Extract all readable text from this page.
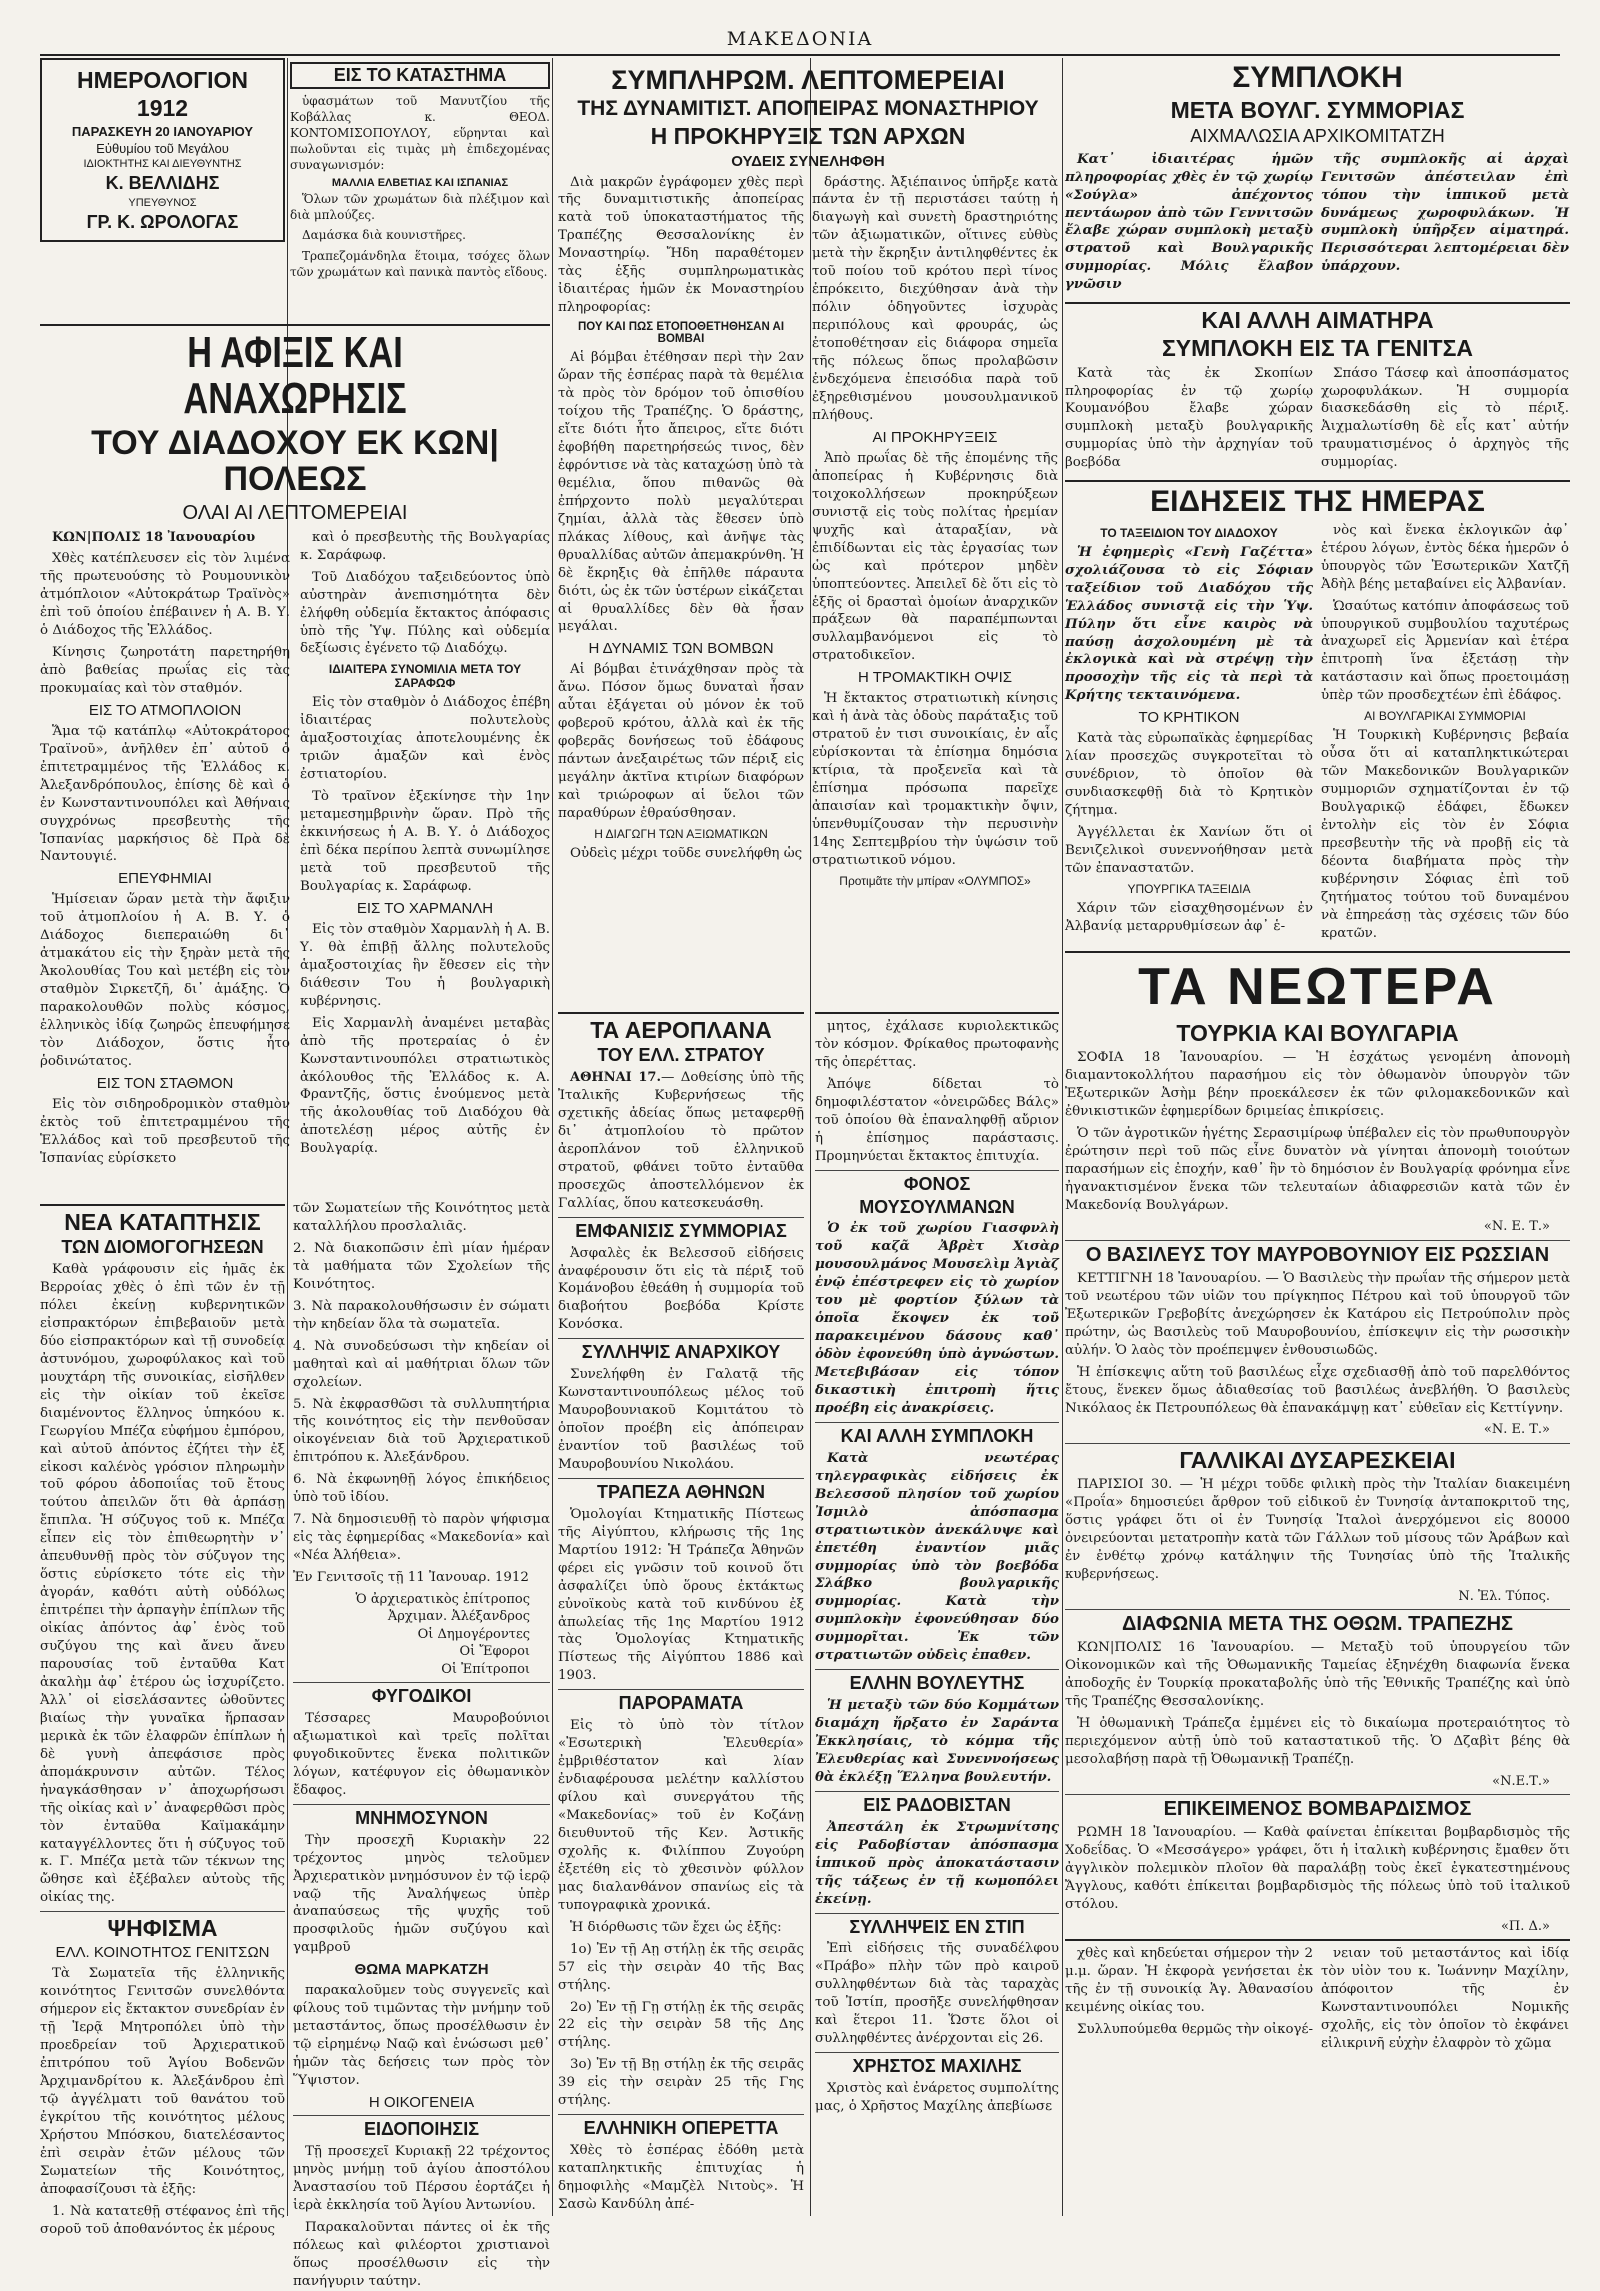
ΜΑΚΕΔΟΝΙΑ
ΗΜΕΡΟΛΟΓΙΟΝ
1912
ΠΑΡΑΣΚΕΥΗ 20 ΙΑΝΟΥΑΡΙΟΥ
Εὐθυμίου τοῦ Μεγάλου
ΙΔΙΟΚΤΗΤΗΣ ΚΑΙ ΔΙΕΥΘΥΝΤΗΣ
Κ. ΒΕΛΛΙΔΗΣ
ΥΠΕΥΘΥΝΟΣ
ΓΡ. Κ. ΩΡΟΛΟΓΑΣ
ΕΙΣ ΤΟ ΚΑΤΑΣΤΗΜΑ

ὑφασμάτων τοῦ Μανυτζίου τῆς Κοβάλλας κ. ΘΕΟΔ. ΚΟΝΤΟΜΙΣΟΠΟΥΛΟΥ, εὕρηνται καὶ πωλοῦνται εἰς τιμὰς μὴ ἐπιδεχομένας συναγωνισμόν:

ΜΑΛΛΙΑ ΕΛΒΕΤΙΑΣ ΚΑΙ ΙΣΠΑΝΙΑΣ

Ὅλων τῶν χρωμάτων διὰ πλέξιμον καὶ διὰ μπλούζες.

Δαμάσκα διὰ κουνιστῆρες.

Τραπεζομάνδηλα ἕτοιμα, τσόχες ὅλων τῶν χρωμάτων καὶ πανικὰ παντὸς εἴδους.

Η ΑΦΙΞΙΣ ΚΑΙ ΑΝΑΧΩΡΗΣΙΣ
ΤΟΥ ΔΙΑΔΟΧΟΥ ΕΚ ΚΩΝ|ΠΟΛΕΩΣ
ΟΛΑΙ ΑΙ ΛΕΠΤΟΜΕΡΕΙΑΙ

ΚΩΝ|ΠΟΛΙΣ 18 Ἰανουαρίου

Χθὲς κατέπλευσεν εἰς τὸν λιμένα τῆς πρωτευούσης τὸ Ρουμουνικὸν ἀτμόπλοιον «Αὐτοκράτωρ Τραϊνὸς» ἐπὶ τοῦ ὁποίου ἐπέβαινεν ἡ Α. Β. Υ. ὁ Διάδοχος τῆς Ἑλλάδος.

Κίνησις ζωηροτάτη παρετηρήθη ἀπὸ βαθείας πρωΐας εἰς τὰς προκυμαίας καὶ τὸν σταθμόν.

ΕΙΣ ΤΟ ΑΤΜΟΠΛΟΙΟΝ

Ἅμα τῷ κατάπλῳ «Αὐτοκράτορος Τραϊνοῦ», ἀνῆλθεν ἐπ᾽ αὐτοῦ ὁ ἐπιτετραμμένος τῆς Ἑλλάδος κ. Ἀλεξανδρόπουλος, ἐπίσης δὲ καὶ ὁ ἐν Κωνσταντινουπόλει καὶ Ἀθήναις συγχρόνως πρεσβευτὴς τῆς Ἱσπανίας μαρκήσιος δὲ Πρὰ δὲ Ναντουγιέ.

ΕΠΕΥΦΗΜΙΑΙ

Ἡμίσειαν ὥραν μετὰ τὴν ἄφιξιν τοῦ ἀτμοπλοίου ἡ Α. Β. Υ. ὁ Διάδοχος διεπεραιώθη δι᾽ ἀτμακάτου εἰς τὴν ξηρὰν μετὰ τῆς Ἀκολουθίας Του καὶ μετέβη εἰς τὸν σταθμὸν Σιρκετζῆ, δι᾽ ἁμάξης. Ὁ παρακολουθῶν πολὺς κόσμος, ἑλληνικὸς ἰδίᾳ ζωηρῶς ἐπευφήμησε τὸν Διάδοχον, ὅστις ἦτο ῥοδινώτατος.

ΕΙΣ ΤΟΝ ΣΤΑΘΜΟΝ

Εἰς τὸν σιδηροδρομικὸν σταθμὸν ἐκτὸς τοῦ ἐπιτετραμμένου τῆς Ἑλλάδος καὶ τοῦ πρεσβευτοῦ τῆς Ἱσπανίας εὑρίσκετο

καὶ ὁ πρεσβευτὴς τῆς Βουλγαρίας κ. Σαράφωφ.

Τοῦ Διαδόχου ταξειδεύοντος ὑπὸ αὐστηρὰν ἀνεπισημότητα δὲν ἐλήφθη οὐδεμία ἔκτακτος ἀπόφασις ὑπὸ τῆς Ὑψ. Πύλης καὶ οὐδεμία δεξίωσις ἐγένετο τῷ Διαδόχῳ.

ΙΔΙΑΙΤΕΡΑ ΣΥΝΟΜΙΛΙΑ ΜΕΤΑ ΤΟΥ ΣΑΡΑΦΩΦ

Εἰς τὸν σταθμὸν ὁ Διάδοχος ἐπέβη ἰδιαιτέρας πολυτελοὺς ἁμαξοστοιχίας ἀποτελουμένης ἐκ τριῶν ἁμαξῶν καὶ ἑνὸς ἐστιατορίου.

Τὸ τραῖνον ἐξεκίνησε τὴν 1ην μεταμεσημβρινὴν ὥραν. Πρὸ τῆς ἐκκινήσεως ἡ Α. Β. Υ. ὁ Διάδοχος ἐπὶ δέκα περίπου λεπτὰ συνωμίλησε μετὰ τοῦ πρεσβευτοῦ τῆς Βουλγαρίας κ. Σαράφωφ.

ΕΙΣ ΤΟ ΧΑΡΜΑΝΛΗ

Εἰς τὸν σταθμὸν Χαρμανλὴ ἡ Α. Β. Υ. θὰ ἐπιβῇ ἄλλης πολυτελοῦς ἁμαξοστοιχίας ἣν ἔθεσεν εἰς τὴν διάθεσιν Του ἡ βουλγαρικὴ κυβέρνησις.

Εἰς Χαρμανλὴ ἀναμένει μεταβὰς ἀπὸ τῆς προτεραίας ὁ ἐν Κωνσταντινουπόλει στρατιωτικὸς ἀκόλουθος τῆς Ἑλλάδος κ. Α. Φραντζῆς, ὅστις ἑνούμενος μετὰ τῆς ἀκολουθίας τοῦ Διαδόχου θὰ ἀποτελέσῃ μέρος αὐτῆς ἐν Βουλγαρίᾳ.

ΝΕΑ ΚΑΤΑΠΤΗΣΙΣ
ΤΩΝ ΔΙΟΜΟΓΟΓΗΣΕΩΝ

Καθὰ γράφουσιν εἰς ἡμᾶς ἐκ Βερροίας χθὲς ὁ ἐπὶ τῶν ἐν τῇ πόλει ἐκείνῃ κυβερνητικῶν εἰσπρακτόρων ἐπιβεβαιοῦν μετὰ δύο εἰσπρακτόρων καὶ τῇ συνοδείᾳ ἀστυνόμου, χωροφύλακος καὶ τοῦ μουχτάρη τῆς συνοικίας, εἰσῆλθεν εἰς τὴν οἰκίαν τοῦ ἐκεῖσε διαμένοντος ἕλληνος ὑπηκόου κ. Γεωργίου Μπέζα εὐφήμου ἐμπόρου, καὶ αὐτοῦ ἀπόντος ἐζήτει τὴν ἐξ εἰκοσι καλένὸς γρόσιον πληρωμὴν τοῦ φόρου ἀδοποιΐας τοῦ ἔτους τούτου ἀπειλῶν ὅτι θὰ ἁρπάσῃ ἔπιπλα. Ἡ σύζυγος τοῦ κ. Μπέζα εἶπεν εἰς τὸν ἐπιθεωρητὴν ν᾽ ἀπευθυνθῇ πρὸς τὸν σύζυγον της ὅστις εὑρίσκετο τότε εἰς τὴν ἀγοράν, καθότι αὐτὴ οὐδόλως ἐπιτρέπει τὴν ἁρπαγὴν ἐπίπλων τῆς οἰκίας ἀπόντος ἀφ᾽ ἑνὸς τοῦ συζύγου της καὶ ἄνευ ἄνευ παρουσίας τοῦ ἐνταῦθα Κατ ἀκαλὴμ ἀφ᾽ ἑτέρου ὡς ἰσχυρίζετο. Ἀλλ᾽ οἱ εἰσελάσαντες ὠθοῦντες βιαίως τὴν γυναῖκα ἥρπασαν μερικὰ ἐκ τῶν ἐλαφρῶν ἐπίπλων ἡ δὲ γυνὴ ἀπεφάσισε πρὸς ἀπομάκρυνσιν αὐτῶν. Τέλος ἠναγκάσθησαν ν᾽ ἀποχωρήσωσι τῆς οἰκίας καὶ ν᾽ ἀναφερθῶσι πρὸς τὸν ἐνταῦθα Καϊμακάμην καταγγέλλοντες ὅτι ἡ σύζυγος τοῦ κ. Γ. Μπέζα μετὰ τῶν τέκνων της ὤθησε καὶ ἐξέβαλεν αὐτοὺς τῆς οἰκίας της.

ΨΗΦΙΣΜΑ
ΕΛΛ. ΚΟΙΝΟΤΗΤΟΣ ΓΕΝΙΤΣΩΝ

Τὰ Σωματεῖα τῆς ἑλληνικῆς κοινότητος Γενιτσῶν συνελθόντα σήμερον εἰς ἔκτακτον συνεδρίαν ἐν τῇ Ἱερᾷ Μητροπόλει ὑπὸ τὴν προεδρείαν τοῦ Ἀρχιερατικοῦ ἐπιτρόπου τοῦ Ἁγίου Βοδενῶν Ἀρχιμανδρίτου κ. Ἀλεξάνδρου ἐπὶ τῷ ἀγγέλματι τοῦ θανάτου τοῦ ἐγκρίτου τῆς κοινότητος μέλους Χρήστου Μπόσκου, διατελέσαντος ἐπὶ σειρὰν ἐτῶν μέλους τῶν Σωματείων τῆς Κοινότητος, ἀποφασίζουσι τὰ ἑξῆς:

1. Νὰ κατατεθῇ στέφανος ἐπὶ τῆς σοροῦ τοῦ ἀποθανόντος ἐκ μέρους

τῶν Σωματείων τῆς Κοινότητος μετὰ καταλλήλου προσλαλιᾶς.

2. Νὰ διακοπῶσιν ἐπὶ μίαν ἡμέραν τὰ μαθήματα τῶν Σχολείων τῆς Κοινότητος.

3. Νὰ παρακολουθήσωσιν ἐν σώματι τὴν κηδείαν ὅλα τὰ σωματεῖα.

4. Νὰ συνοδεύσωσι τὴν κηδείαν οἱ μαθηταὶ καὶ αἱ μαθήτριαι ὅλων τῶν σχολείων.

5. Νὰ ἐκφρασθῶσι τὰ συλλυπητήρια τῆς κοινότητος εἰς τὴν πενθοῦσαν οἰκογένειαν διὰ τοῦ Ἀρχιερατικοῦ ἐπιτρόπου κ. Ἀλεξάνδρου.

6. Νὰ ἐκφωνηθῇ λόγος ἐπικήδειος ὑπὸ τοῦ ἰδίου.

7. Νὰ δημοσιευθῇ τὸ παρὸν ψήφισμα εἰς τὰς ἐφημερίδας «Μακεδονία» καὶ «Νέα Ἀλήθεια».

Ἐν Γενιτσοῖς τῇ 11 Ἰανουαρ. 1912

Ὁ ἀρχιερατικὸς ἐπίτροπος

Ἀρχιμαν. Ἀλέξανδρος

Οἱ Δημογέροντες

Οἱ Ἔφοροι

Οἱ Ἐπίτροποι

ΦΥΓΟΔΙΚΟΙ

Τέσσαρες Μαυροβούνιοι αξιωματικοὶ καὶ τρεῖς πολῖται φυγοδικοῦντες ἕνεκα πολιτικῶν λόγων, κατέφυγον εἰς ὀθωμανικὸν ἔδαφος.

ΜΝΗΜΟΣΥΝΟΝ

Τὴν προσεχῆ Κυριακὴν 22 τρέχοντος μηνὸς τελοῦμεν Ἀρχιερατικὸν μνημόσυνον ἐν τῷ ἱερῷ ναῷ τῆς Ἀναλήψεως ὑπὲρ ἀναπαύσεως τῆς ψυχῆς τοῦ προσφιλοῦς ἡμῶν συζύγου καὶ γαμβροῦ

ΘΩΜΑ ΜΑΡΚΑΤΖΗ

παρακαλοῦμεν τοὺς συγγενεῖς καὶ φίλους τοῦ τιμῶντας τὴν μνήμην τοῦ μεταστάντος, ὅπως προσέλθωσιν ἐν τῷ εἰρημένῳ Ναῷ καὶ ἑνώσωσι μεθ᾽ ἡμῶν τὰς δεήσεις των πρὸς τὸν Ὕψιστον.

Η ΟΙΚΟΓΕΝΕΙΑ
ΕΙΔΟΠΟΙΗΣΙΣ

Τῇ προσεχεῖ Κυριακῇ 22 τρέχοντος μηνὸς μνήμῃ τοῦ ἁγίου ἀποστόλου Ἀναστασίου τοῦ Πέρσου ἑορτάζει ἡ ἱερὰ ἐκκλησία τοῦ Ἁγίου Ἀντωνίου.

Παρακαλοῦνται πάντες οἱ ἐκ τῆς πόλεως καὶ φιλέορτοι χριστιανοὶ ὅπως προσέλθωσιν εἰς τὴν πανήγυριν ταύτην.

ΣΥΜΠΛΗΡΩΜ. ΛΕΠΤΟΜΕΡΕΙΑΙ
ΤΗΣ ΔΥΝΑΜΙΤΙΣΤ. ΑΠΟΠΕΙΡΑΣ ΜΟΝΑΣΤΗΡΙΟΥ
Η ΠΡΟΚΗΡΥΞΙΣ ΤΩΝ ΑΡΧΩΝ
ΟΥΔΕΙΣ ΣΥΝΕΛΗΦΘΗ

Διὰ μακρῶν ἐγράφομεν χθὲς περὶ τῆς δυναμιτιστικῆς ἀποπείρας κατὰ τοῦ ὑποκαταστήματος τῆς Τραπέζης Θεσσαλονίκης ἐν Μοναστηρίῳ. Ἤδη παραθέτομεν τὰς ἑξῆς συμπληρωματικὰς ἰδιαιτέρας ἡμῶν ἐκ Μοναστηρίου πληροφορίας:

ΠΟΥ ΚΑΙ ΠΩΣ ΕΤΟΠΟΘΕΤΗΘΗΣΑΝ ΑΙ ΒΟΜΒΑΙ

Αἱ βόμβαι ἐτέθησαν περὶ τὴν 2αν ὥραν τῆς ἑσπέρας παρὰ τὰ θεμέλια τὰ πρὸς τὸν δρόμον τοῦ ὀπισθίου τοίχου τῆς Τραπέζης. Ὁ δράστης, εἴτε διότι ἦτο ἄπειρος, εἴτε διότι ἐφοβήθη παρετηρήσεώς τινος, δὲν ἐφρόντισε νὰ τὰς καταχώσῃ ὑπὸ τὰ θεμέλια, ὅπου πιθανῶς θὰ ἐπήρχοντο πολὺ μεγαλύτεραι ζημίαι, ἀλλὰ τὰς ἔθεσεν ὑπὸ πλάκας λίθους, καὶ ἀνῆψε τὰς θρυαλλίδας αὐτῶν ἀπεμακρύνθη. Ἡ δὲ ἔκρηξις θὰ ἐπῆλθε πάραυτα διότι, ὡς ἐκ τῶν ὑστέρων εἰκάζεται αἱ θρυαλλίδες δὲν θὰ ἦσαν μεγάλαι.

Η ΔΥΝΑΜΙΣ ΤΩΝ ΒΟΜΒΩΝ

Αἱ βόμβαι ἐτινάχθησαν πρὸς τὰ ἄνω. Πόσον ὅμως δυναταὶ ἦσαν αὗται ἐξάγεται οὐ μόνον ἐκ τοῦ φοβεροῦ κρότου, ἀλλὰ καὶ ἐκ τῆς φοβερᾶς δονήσεως τοῦ ἐδάφους πάντων ἀνεξαιρέτως τῶν πέριξ εἰς μεγάλην ἀκτῖνα κτιρίων διαφόρων καὶ τριώροφων αἱ ὕελοι τῶν παραθύρων ἐθραύσθησαν.

Η ΔΙΑΓΩΓΗ ΤΩΝ ΑΞΙΩΜΑΤΙΚΩΝ

Οὐδεὶς μέχρι τοῦδε συνελήφθη ὡς

δράστης. Ἀξιέπαινος ὑπῆρξε κατὰ πάντα ἐν τῇ περιστάσει ταύτῃ ἡ διαγωγὴ καὶ συνετὴ δραστηριότης τῶν ἀξιωματικῶν, οἵτινες εὐθὺς μετὰ τὴν ἔκρηξιν ἀντιληφθέντες ἐκ τοῦ ποίου τοῦ κρότου περὶ τίνος ἐπρόκειτο, διεχύθησαν ἀνὰ τὴν πόλιν ὁδηγοῦντες ἰσχυρὰς περιπόλους καὶ φρουράς, ὡς ἐτοποθέτησαν εἰς διάφορα σημεῖα τῆς πόλεως ὅπως προλαβῶσιν ἐνδεχόμενα ἐπεισόδια παρὰ τοῦ ἐξηρεθισμένου μουσουλμανικοῦ πλήθους.

ΑΙ ΠΡΟΚΗΡΥΞΕΙΣ

Ἀπὸ πρωΐας δὲ τῆς ἐπομένης τῆς ἀποπείρας ἡ Κυβέρνησις διὰ τοιχοκολλήσεων προκηρύξεων συνιστᾷ εἰς τοὺς πολίτας ἠρεμίαν ψυχῆς καὶ ἀταραξίαν, νὰ ἐπιδίδωνται εἰς τὰς ἐργασίας των ὡς καὶ πρότερον μηδὲν ὑποπτεύοντες. Ἀπειλεῖ δὲ ὅτι εἰς τὸ ἑξῆς οἱ δρασταὶ ὁμοίων ἀναρχικῶν πράξεων θὰ παραπέμπωνται συλλαμβανόμενοι εἰς τὸ στρατοδικεῖον.

Η ΤΡΟΜΑΚΤΙΚΗ ΟΨΙΣ

Ἡ ἔκτακτος στρατιωτικὴ κίνησις καὶ ἡ ἀνὰ τὰς ὁδοὺς παράταξις τοῦ στρατοῦ ἐν τισι συνοικίαις, ἐν αἷς εὑρίσκονται τὰ ἐπίσημα δημόσια κτίρια, τὰ προξενεῖα καὶ τὰ ἐπίσημα πρόσωπα παρεῖχε ἀπαισίαν καὶ τρομακτικὴν ὄψιν, ὑπενθυμίζουσαν τὴν περυσινὴν 14ης Σεπτεμβρίου τὴν ὑψώσιν τοῦ στρατιωτικοῦ νόμου.

Προτιμᾶτε τὴν μπίραν «ΟΛΥΜΠΟΣ»
ΤΑ ΑΕΡΟΠΛΑΝΑ
ΤΟΥ ΕΛΛ. ΣΤΡΑΤΟΥ

ΑΘΗΝΑΙ 17.— Δοθείσης ὑπὸ τῆς Ἰταλικῆς Κυβερνήσεως τῆς σχετικῆς ἀδείας ὅπως μεταφερθῇ δι᾽ ἀτμοπλοίου τὸ πρῶτον ἀεροπλάνον τοῦ ἑλληνικοῦ στρατοῦ, φθάνει τοῦτο ἐνταῦθα προσεχῶς ἀποστελλόμενον ἐκ Γαλλίας, ὅπου κατεσκευάσθη.

ΕΜΦΑΝΙΣΙΣ ΣΥΜΜΟΡΙΑΣ

Ἀσφαλὲς ἐκ Βελεσσοῦ εἰδήσεις ἀναφέρουσιν ὅτι εἰς τὰ πέριξ τοῦ Κομάνοβου ἐθεάθη ἡ συμμορία τοῦ διαβοήτου βοεβόδα Κρίστε Κονόσκα.

ΣΥΛΛΗΨΙΣ ΑΝΑΡΧΙΚΟΥ

Συνελήφθη ἐν Γαλατᾷ τῆς Κωνσταντινουπόλεως μέλος τοῦ Μαυροβουνιακοῦ Κομιτάτου τὸ ὁποῖον προέβη εἰς ἀπόπειραν ἐναντίον τοῦ βασιλέως τοῦ Μαυροβουνίου Νικολάου.

ΤΡΑΠΕΖΑ ΑΘΗΝΩΝ

Ὁμολογίαι Κτηματικῆς Πίστεως τῆς Αἰγύπτου, κλήρωσις τῆς 1ης Μαρτίου 1912: Ἡ Τράπεζα Ἀθηνῶν φέρει εἰς γνῶσιν τοῦ κοινοῦ ὅτι ἀσφαλίζει ὑπὸ ὅρους ἐκτάκτως εὐνοϊκοὺς κατὰ τοῦ κινδύνου ἐξ ἀπωλείας τῆς 1ης Μαρτίου 1912 τὰς Ὁμολογίας Κτηματικῆς Πίστεως τῆς Αἰγύπτου 1886 καὶ 1903.

ΠΑΡΟΡΑΜΑΤΑ

Εἰς τὸ ὑπὸ τὸν τίτλον «Ἐσωτερικὴ Ἐλευθερία» ἐμβριθέστατον καὶ λίαν ἐνδιαφέρουσα μελέτην καλλίστου φίλου καὶ συνεργάτου τῆς «Μακεδονίας» τοῦ ἐν Κοζάνῃ διευθυντοῦ τῆς Κεν. Ἀστικῆς σχολῆς κ. Φιλίππου Ζυγούρη ἐξετέθη εἰς τὸ χθεσινὸν φύλλον μας διαλανθάνον σπανίως εἰς τὰ τυπογραφικὰ χρονικά.

Ἡ διόρθωσις τῶν ἔχει ὡς ἑξῆς:

1ο) Ἐν τῇ Αῃ στήλῃ ἐκ τῆς σειρᾶς 57 εἰς τὴν σειρὰν 40 τῆς Βας στήλης.

2ο) Ἐν τῇ Γῃ στήλῃ ἐκ τῆς σειρᾶς 22 εἰς τὴν σειρὰν 58 τῆς Δης στήλης.

3ο) Ἐν τῇ Βῃ στήλῃ ἐκ τῆς σειρᾶς 39 εἰς τὴν σειρὰν 25 τῆς Γης στήλης.

ΕΛΛΗΝΙΚΗ ΟΠΕΡΕΤΤΑ

Χθὲς τὸ ἑσπέρας ἐδόθη μετὰ καταπληκτικῆς ἐπιτυχίας ἡ δημοφιλὴς «Μαμζὲλ Νιτοὺς». Ἡ Σασὼ Κανδύλη ἀπέ-

μητος, ἐχάλασε κυριολεκτικῶς τὸν κόσμον. Φρίκαθος πρωτοφανὴς τῆς ὀπερέττας.

Ἀπόψε δίδεται τὸ δημοφιλέστατον «ὀνειρῶδες Βάλς» τοῦ ὁποίου θὰ ἐπαναληφθῇ αὔριον ἡ ἐπίσημος παράστασις. Προμηνύεται ἔκτακτος ἐπιτυχία.

ΦΟΝΟΣ
ΜΟΥΣΟΥΛΜΑΝΩΝ

Ὁ ἐκ τοῦ χωρίου Γιασφνλὴ τοῦ καζᾶ Ἀβρὲτ Χισὰρ μουσουλμάνος Μουσελὶμ Ἀγιὰζ ἐνῷ ἐπέστρεφεν εἰς τὸ χωρίον του μὲ φορτίον ξύλων τὰ ὁποῖα ἔκοψεν ἐκ τοῦ παρακειμένου δάσους καθ᾽ ὁδὸν ἐφονεύθη ὑπὸ ἀγνώστων. Μετεβιβάσαν εἰς τόπον δικαστικὴ ἐπιτροπὴ ἥτις προέβη εἰς ἀνακρίσεις.

ΚΑΙ ΑΛΛΗ ΣΥΜΠΛΟΚΗ

Κατὰ νεωτέρας τηλεγραφικὰς εἰδήσεις ἐκ Βελεσσοῦ πλησίον τοῦ χωρίου Ἰσμιλὸ ἀπόσπασμα στρατιωτικὸν ἀνεκάλυψε καὶ ἐπετέθη ἐναντίον μιᾶς συμμορίας ὑπὸ τὸν βοεβόδα Σλάβκο βουλγαρικῆς συμμορίας. Κατὰ τὴν συμπλοκὴν ἐφονεύθησαν δύο συμμορῖται. Ἐκ τῶν στρατιωτῶν οὐδεὶς ἐπαθεν.

ΕΛΛΗΝ ΒΟΥΛΕΥΤΗΣ

Ἡ μεταξὺ τῶν δύο Κομμάτων διαμάχη ἤρξατο ἐν Σαράντα Ἐκκλησίαις, τὸ κόμμα τῆς Ἐλευθερίας καὶ Συνεννοήσεως θὰ ἐκλέξῃ Ἕλληνα βουλευτήν.

ΕΙΣ ΡΑΔΟΒΙΣΤΑΝ

Ἀπεστάλη ἐκ Στρωμνίτσης εἰς Ραδοβίσταν ἀπόσπασμα ἱππικοῦ πρὸς ἀποκατάστασιν τῆς τάξεως ἐν τῇ κωμοπόλει ἐκείνῃ.

ΣΥΛΛΗΨΕΙΣ ΕΝ ΣΤΙΠ

Ἐπὶ εἰδήσεις τῆς συναδέλφου «Πράβο» πλὴν τῶν πρὸ καιροῦ συλληφθέντων διὰ τὰς ταραχὰς τοῦ Ἰστίπ, προσῆξε συνελήφθησαν καὶ ἕτεροι 11. Ὥστε ὅλοι οἱ συλληφθέντες ἀνέρχονται εἰς 26.

ΧΡΗΣΤΟΣ ΜΑΧΙΛΗΣ

Χριστὸς καὶ ἐνάρετος συμπολίτης μας, ὁ Χρῆστος Μαχίλης ἀπεβίωσε

ΣΥΜΠΛΟΚΗ
ΜΕΤΑ ΒΟΥΛΓ. ΣΥΜΜΟΡΙΑΣ
ΑΙΧΜΑΛΩΣΙΑ ΑΡΧΙΚΟΜΙΤΑΤΖΗ

Κατ᾽ ἰδιαιτέρας ἡμῶν πληροφορίας χθὲς ἐν τῷ χωρίῳ «Σούγλα» ἀπέχοντος πεντάωρον ἀπὸ τῶν Γεννιτσῶν ἔλαβε χώραν συμπλοκὴ μεταξὺ στρατοῦ καὶ Βουλγαρικῆς συμμορίας. Μόλις ἔλαβον γνῶσιν

τῆς συμπλοκῆς αἱ ἀρχαὶ Γενιτσῶν ἀπέστειλαν ἐπὶ τόπου τὴν ἱππικοῦ μετὰ δυνάμεως χωροφυλάκων. Ἡ συμπλοκὴ ὑπῆρξεν αἱματηρά. Περισσότεραι λεπτομέρειαι δὲν ὑπάρχουν.

ΚΑΙ ΑΛΛΗ ΑΙΜΑΤΗΡΑ
ΣΥΜΠΛΟΚΗ ΕΙΣ ΤΑ ΓΕΝΙΤΣΑ

Κατὰ τὰς ἐκ Σκοπίων πληροφορίας ἐν τῷ χωρίῳ Κουμανόβου ἔλαβε χώραν συμπλοκὴ μεταξὺ βουλγαρικῆς συμμορίας ὑπὸ τὴν ἀρχηγίαν τοῦ βοεβόδα

Σπάσο Τάσεφ καὶ ἀποσπάσματος χωροφυλάκων. Ἡ συμμορία διασκεδάσθη εἰς τὸ πέριξ. Ἀιχμαλωτίσθη δὲ εἷς κατ᾽ αὐτήν τραυματισμένος ὁ ἀρχηγὸς τῆς συμμορίας.

ΕΙΔΗΣΕΙΣ ΤΗΣ ΗΜΕΡΑΣ
ΤΟ ΤΑΞΕΙΔΙΟΝ ΤΟΥ ΔΙΑΔΟΧΟΥ

Ἡ ἐφημερὶς «Γενὴ Γαζέττα» σχολιάζουσα τὸ εἰς Σόφιαν ταξείδιον τοῦ Διαδόχου τῆς Ἑλλάδος συνιστᾷ εἰς τὴν Ὑψ. Πύλην ὅτι εἶνε καιρὸς νὰ παύσῃ ἀσχολουμένη μὲ τὰ ἐκλογικὰ καὶ νὰ στρέψῃ τὴν προσοχὴν τῆς εἰς τὰ περὶ τὰ Κρήτης τεκταινόμενα.

ΤΟ ΚΡΗΤΙΚΟΝ

Κατὰ τὰς εὐρωπαϊκὰς ἐφημερίδας λίαν προσεχῶς συγκροτεῖται τὸ συνέδριον, τὸ ὁποῖον θὰ συνδιασκεφθῇ διὰ τὸ Κρητικὸν ζήτημα.

Ἀγγέλλεται ἐκ Χανίων ὅτι οἱ Βενιζελικοὶ συνεννοήθησαν μετὰ τῶν ἐπαναστατῶν.

ΥΠΟΥΡΓΙΚΑ ΤΑΞΕΙΔΙΑ

Χάριν τῶν εἰσαχθησομένων ἐν Ἀλβανίᾳ μεταρρυθμίσεων ἀφ᾽ ἑ-

νὸς καὶ ἕνεκα ἐκλογικῶν ἀφ᾽ ἑτέρου λόγων, ἐντὸς δέκα ἡμερῶν ὁ ὑπουργὸς τῶν Ἐσωτερικῶν Χατζῆ Ἀδὴλ βέης μεταβαίνει εἰς Ἀλβανίαν.

Ὡσαύτως κατόπιν ἀποφάσεως τοῦ ὑπουργικοῦ συμβουλίου ταχυτέρως ἀναχωρεῖ εἰς Ἀρμενίαν καὶ ἑτέρα ἐπιτροπὴ ἵνα ἐξετάσῃ τὴν κατάστασιν καὶ ὅπως προετοιμάσῃ ὑπὲρ τῶν προσδεχτέων ἐπὶ ἐδάφος.

ΑΙ ΒΟΥΛΓΑΡΙΚΑΙ ΣΥΜΜΟΡΙΑΙ

Ἡ Τουρκικὴ Κυβέρνησις βεβαία οὖσα ὅτι αἱ καταπληκτικώτεραι τῶν Μακεδονικῶν Βουλγαρικῶν συμμοριῶν σχηματίζονται ἐν τῷ Βουλγαρικῷ ἐδάφει, ἔδωκεν ἐντολὴν εἰς τὸν ἐν Σόφια πρεσβευτὴν τῆς νὰ προβῇ εἰς τὰ δέοντα διαβήματα πρὸς τὴν κυβέρνησιν Σόφιας ἐπὶ τοῦ ζητήματος τούτου τοῦ δυναμένου νὰ ἐπηρεάσῃ τὰς σχέσεις τῶν δύο κρατῶν.

ΤΑ ΝΕΩΤΕΡΑ
ΤΟΥΡΚΙΑ ΚΑΙ ΒΟΥΛΓΑΡΙΑ

ΣΟΦΙΑ 18 Ἰανουαρίου. — Ἡ ἐσχάτως γενομένη ἀπονομὴ διαμαντοκολλήτου παρασήμου εἰς τὸν ὀθωμανὸν ὑπουργὸν τῶν Ἐξωτερικῶν Ἀσὴμ βέην προεκάλεσεν ἐκ τῶν φιλομακεδονικῶν καὶ ἐθνικιστικῶν ἐφημερίδων δριμείας ἐπικρίσεις.

Ὁ τῶν ἀγροτικῶν ἡγέτης Σερασιμίρωφ ὑπέβαλεν εἰς τὸν πρωθυπουργὸν ἐρώτησιν περὶ τοῦ πῶς εἶνε δυνατὸν νὰ γίνηται ἀπονομὴ τοιούτων παρασήμων εἰς ἐποχήν, καθ᾽ ἣν τὸ δημόσιον ἐν Βουλγαρίᾳ φρόνημα εἶνε ἠγανακτισμένον ἕνεκα τῶν τελευταίων ἀδιαφρεσιῶν κατὰ τῶν ἐν Μακεδονίᾳ Βουλγάρων.

«Ν. Ε. Τ.»

Ο ΒΑΣΙΛΕΥΣ ΤΟΥ ΜΑΥΡΟΒΟΥΝΙΟΥ ΕΙΣ ΡΩΣΣΙΑΝ

ΚΕΤΤΙΓΝΗ 18 Ἰανουαρίου. — Ὁ Βασιλεὺς τὴν πρωΐαν τῆς σήμερον μετὰ τοῦ νεωτέρου τῶν υἱῶν του πρίγκηπος Πέτρου καὶ τοῦ ὑπουργοῦ τῶν Ἐξωτερικῶν Γρεβοβίτς ἀνεχώρησεν ἐκ Κατάρου εἰς Πετρούπολιν πρὸς πρώτην, ὡς Βασιλεὺς τοῦ Μαυροβουνίου, ἐπίσκεψιν εἰς τὴν ρωσσικὴν αὐλήν. Ὁ λαὸς τὸν προέπεμψεν ἐνθουσιωδῶς.

Ἡ ἐπίσκεψις αὕτη τοῦ βασιλέως εἶχε σχεδιασθῇ ἀπὸ τοῦ παρελθόντος ἔτους, ἕνεκεν ὅμως ἀδιαθεσίας τοῦ βασιλέως ἀνεβλήθη. Ὁ βασιλεὺς Νικόλαος ἐκ Πετρουπόλεως θὰ ἐπανακάμψῃ κατ᾽ εὐθεῖαν εἰς Κεττίγνην.

«Ν. Ε. Τ.»

ΓΑΛΛΙΚΑΙ ΔΥΣΑΡΕΣΚΕΙΑΙ

ΠΑΡΙΣΙΟΙ 30. — Ἡ μέχρι τοῦδε φιλικὴ πρὸς τὴν Ἰταλίαν διακειμένη «Προΐα» δημοσιεύει ἄρθρον τοῦ εἰδικοῦ ἐν Τυνησίᾳ ἀνταποκριτοῦ της, ὅστις γράφει ὅτι οἱ ἐν Τυνησίᾳ Ἰταλοὶ ἀνερχόμενοι εἰς 80000 ὀνειρεύονται μετατροπὴν κατὰ τῶν Γάλλων τοῦ μίσους τῶν Ἀράβων καὶ ἐν ἐνθέτῳ χρόνῳ κατάληψιν τῆς Τυνησίας ὑπὸ τῆς Ἰταλικῆς κυβερνήσεως.

Ν. Ἐλ. Τύπος.

ΔΙΑΦΩΝΙΑ ΜΕΤΑ ΤΗΣ ΟΘΩΜ. ΤΡΑΠΕΖΗΣ

ΚΩΝ|ΠΟΛΙΣ 16 Ἰανουαρίου. — Μεταξὺ τοῦ ὑπουργείου τῶν Οἰκονομικῶν καὶ τῆς Ὀθωμανικῆς Ταμείας ἐξηνέχθη διαφωνία ἕνεκα ἀποδοχῆς ἐν Τουρκίᾳ προκαταβολῆς ὑπὸ τῆς Ἐθνικῆς Τραπέζης καὶ ὑπὸ τῆς Τραπέζης Θεσσαλονίκης.

Ἡ ὀθωμανικὴ Τράπεζα ἐμμένει εἰς τὸ δικαίωμα προτεραιότητος τὸ περιεχόμενον αὐτῇ ὑπὸ τοῦ καταστατικοῦ τῆς. Ὁ Δζαβὶτ βέης θὰ μεσολαβήσῃ παρὰ τῇ Ὀθωμανικῇ Τραπέζῃ.

«Ν.Ε.Τ.»

ΕΠΙΚΕΙΜΕΝΟΣ ΒΟΜΒΑΡΔΙΣΜΟΣ

ΡΩΜΗ 18 Ἰανουαρίου. — Καθὰ φαίνεται ἐπίκειται βομβαρδισμὸς τῆς Χοδεΐδας. Ὁ «Μεσσάγερο» γράφει, ὅτι ἡ ἰταλικὴ κυβέρνησις ἔμαθεν ὅτι ἀγγλικὸν πολεμικὸν πλοῖον θὰ παραλάβῃ τοὺς ἐκεῖ ἐγκατεστημένους Ἄγγλους, καθότι ἐπίκειται βομβαρδισμὸς τῆς πόλεως ὑπὸ τοῦ ἰταλικοῦ στόλου.

«Π. Δ.»

χθὲς καὶ κηδεύεται σήμερον τὴν 2 μ.μ. ὥραν. Ἡ ἐκφορὰ γενήσεται ἐκ τῆς ἐν τῇ συνοικίᾳ Ἁγ. Ἀθανασίου κειμένης οἰκίας του.

Συλλυπούμεθα θερμῶς τὴν οἰκογέ-

νειαν τοῦ μεταστάντος καὶ ἰδίᾳ τὸν υἱὸν του κ. Ἰωάννην Μαχίλην, ἀπόφοιτον τῆς ἐν Κωνσταντινουπόλει Νομικῆς σχολῆς, εἰς τὸν ὁποῖον τὸ ἐκφάνει εἰλικρινῆ εὐχὴν ἐλαφρὸν τὸ χῶμα
